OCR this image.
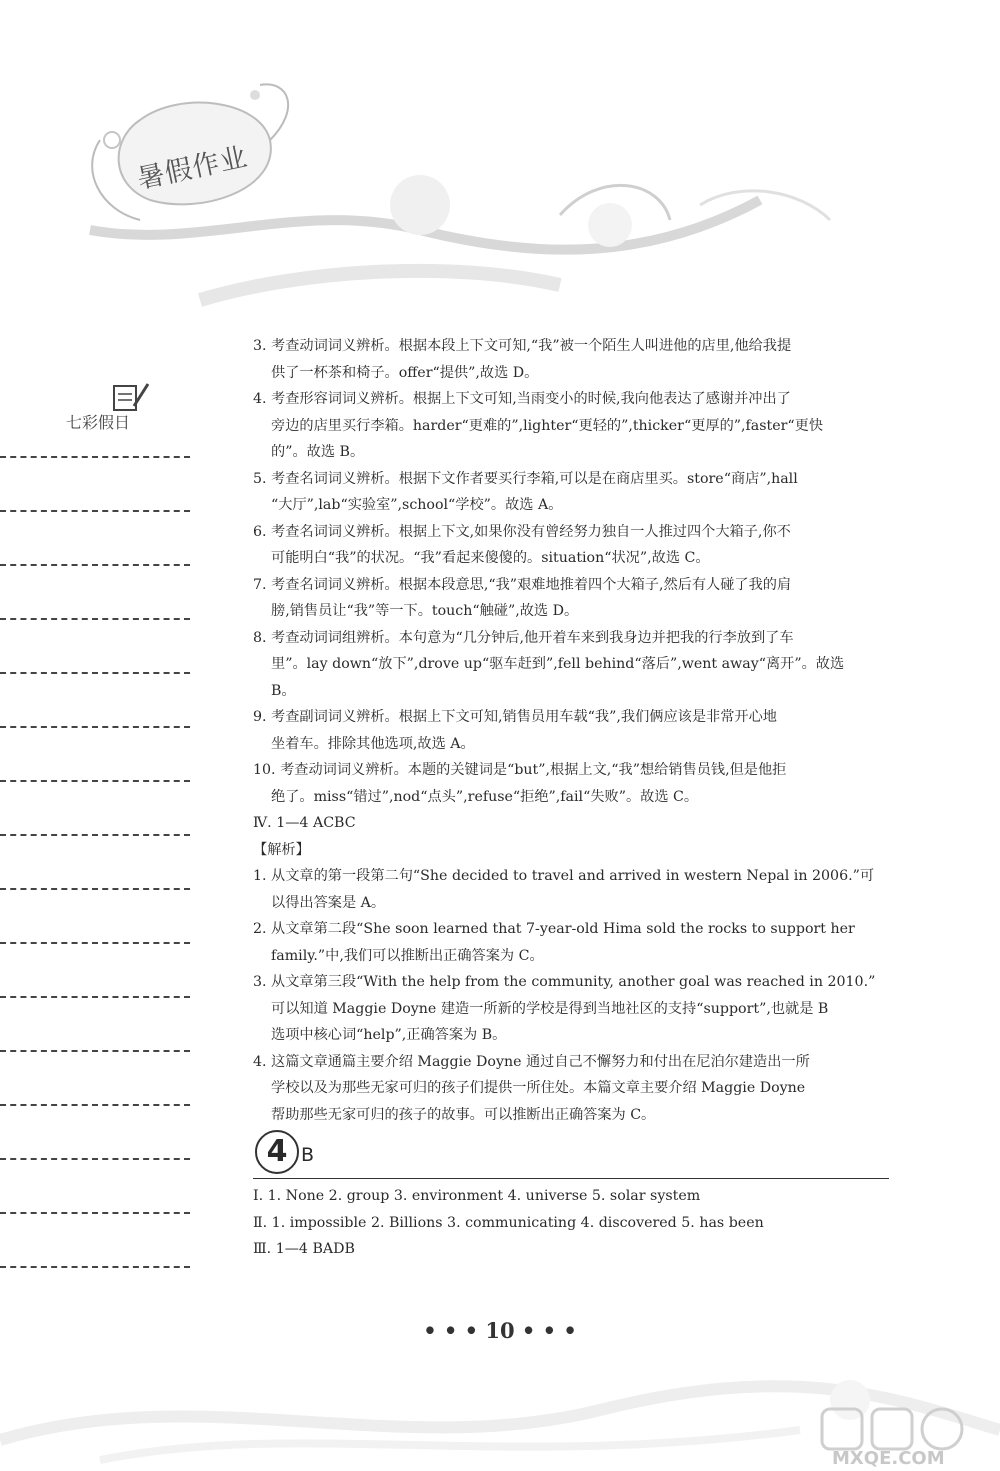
暑假作业
七彩假日

3. 考查动词词义辨析。根据本段上下文可知,“我”被一个陌生人叫进他的店里,他给我提

供了一杯茶和椅子。offer“提供”,故选 D。

4. 考查形容词词义辨析。根据上下文可知,当雨变小的时候,我向他表达了感谢并冲出了

旁边的店里买行李箱。harder“更难的”,lighter“更轻的”,thicker“更厚的”,faster“更快

的”。故选 B。

5. 考查名词词义辨析。根据下文作者要买行李箱,可以是在商店里买。store“商店”,hall

“大厅”,lab“实验室”,school“学校”。故选 A。

6. 考查名词词义辨析。根据上下文,如果你没有曾经努力独自一人推过四个大箱子,你不

可能明白“我”的状况。“我”看起来傻傻的。situation“状况”,故选 C。

7. 考查名词词义辨析。根据本段意思,“我”艰难地推着四个大箱子,然后有人碰了我的肩

膀,销售员让“我”等一下。touch“触碰”,故选 D。

8. 考查动词词组辨析。本句意为“几分钟后,他开着车来到我身边并把我的行李放到了车

里”。lay down“放下”,drove up“驱车赶到”,fell behind“落后”,went away“离开”。故选

B。

9. 考查副词词义辨析。根据上下文可知,销售员用车载“我”,我们俩应该是非常开心地

坐着车。排除其他选项,故选 A。

10. 考查动词词义辨析。本题的关键词是“but”,根据上文,“我”想给销售员钱,但是他拒

绝了。miss“错过”,nod“点头”,refuse“拒绝”,fail“失败”。故选 C。

Ⅳ. 1—4 ACBC

【解析】

1. 从文章的第一段第二句“She decided to travel and arrived in western Nepal in 2006.”可

以得出答案是 A。

2. 从文章第二段“She soon learned that 7-year-old Hima sold the rocks to support her

family.”中,我们可以推断出正确答案为 C。

3. 从文章第三段“With the help from the community, another goal was reached in 2010.”

可以知道 Maggie Doyne 建造一所新的学校是得到当地社区的支持“support”,也就是 B

选项中核心词“help”,正确答案为 B。

4. 这篇文章通篇主要介绍 Maggie Doyne 通过自己不懈努力和付出在尼泊尔建造出一所

学校以及为那些无家可归的孩子们提供一所住处。本篇文章主要介绍 Maggie Doyne

帮助那些无家可归的孩子的故事。可以推断出正确答案为 C。

4 B

Ⅰ. 1. None 2. group 3. environment 4. universe 5. solar system

Ⅱ. 1. impossible 2. Billions 3. communicating 4. discovered 5. has been

Ⅲ. 1—4 BADB

• • • 10 • • •
MXQE.COM
